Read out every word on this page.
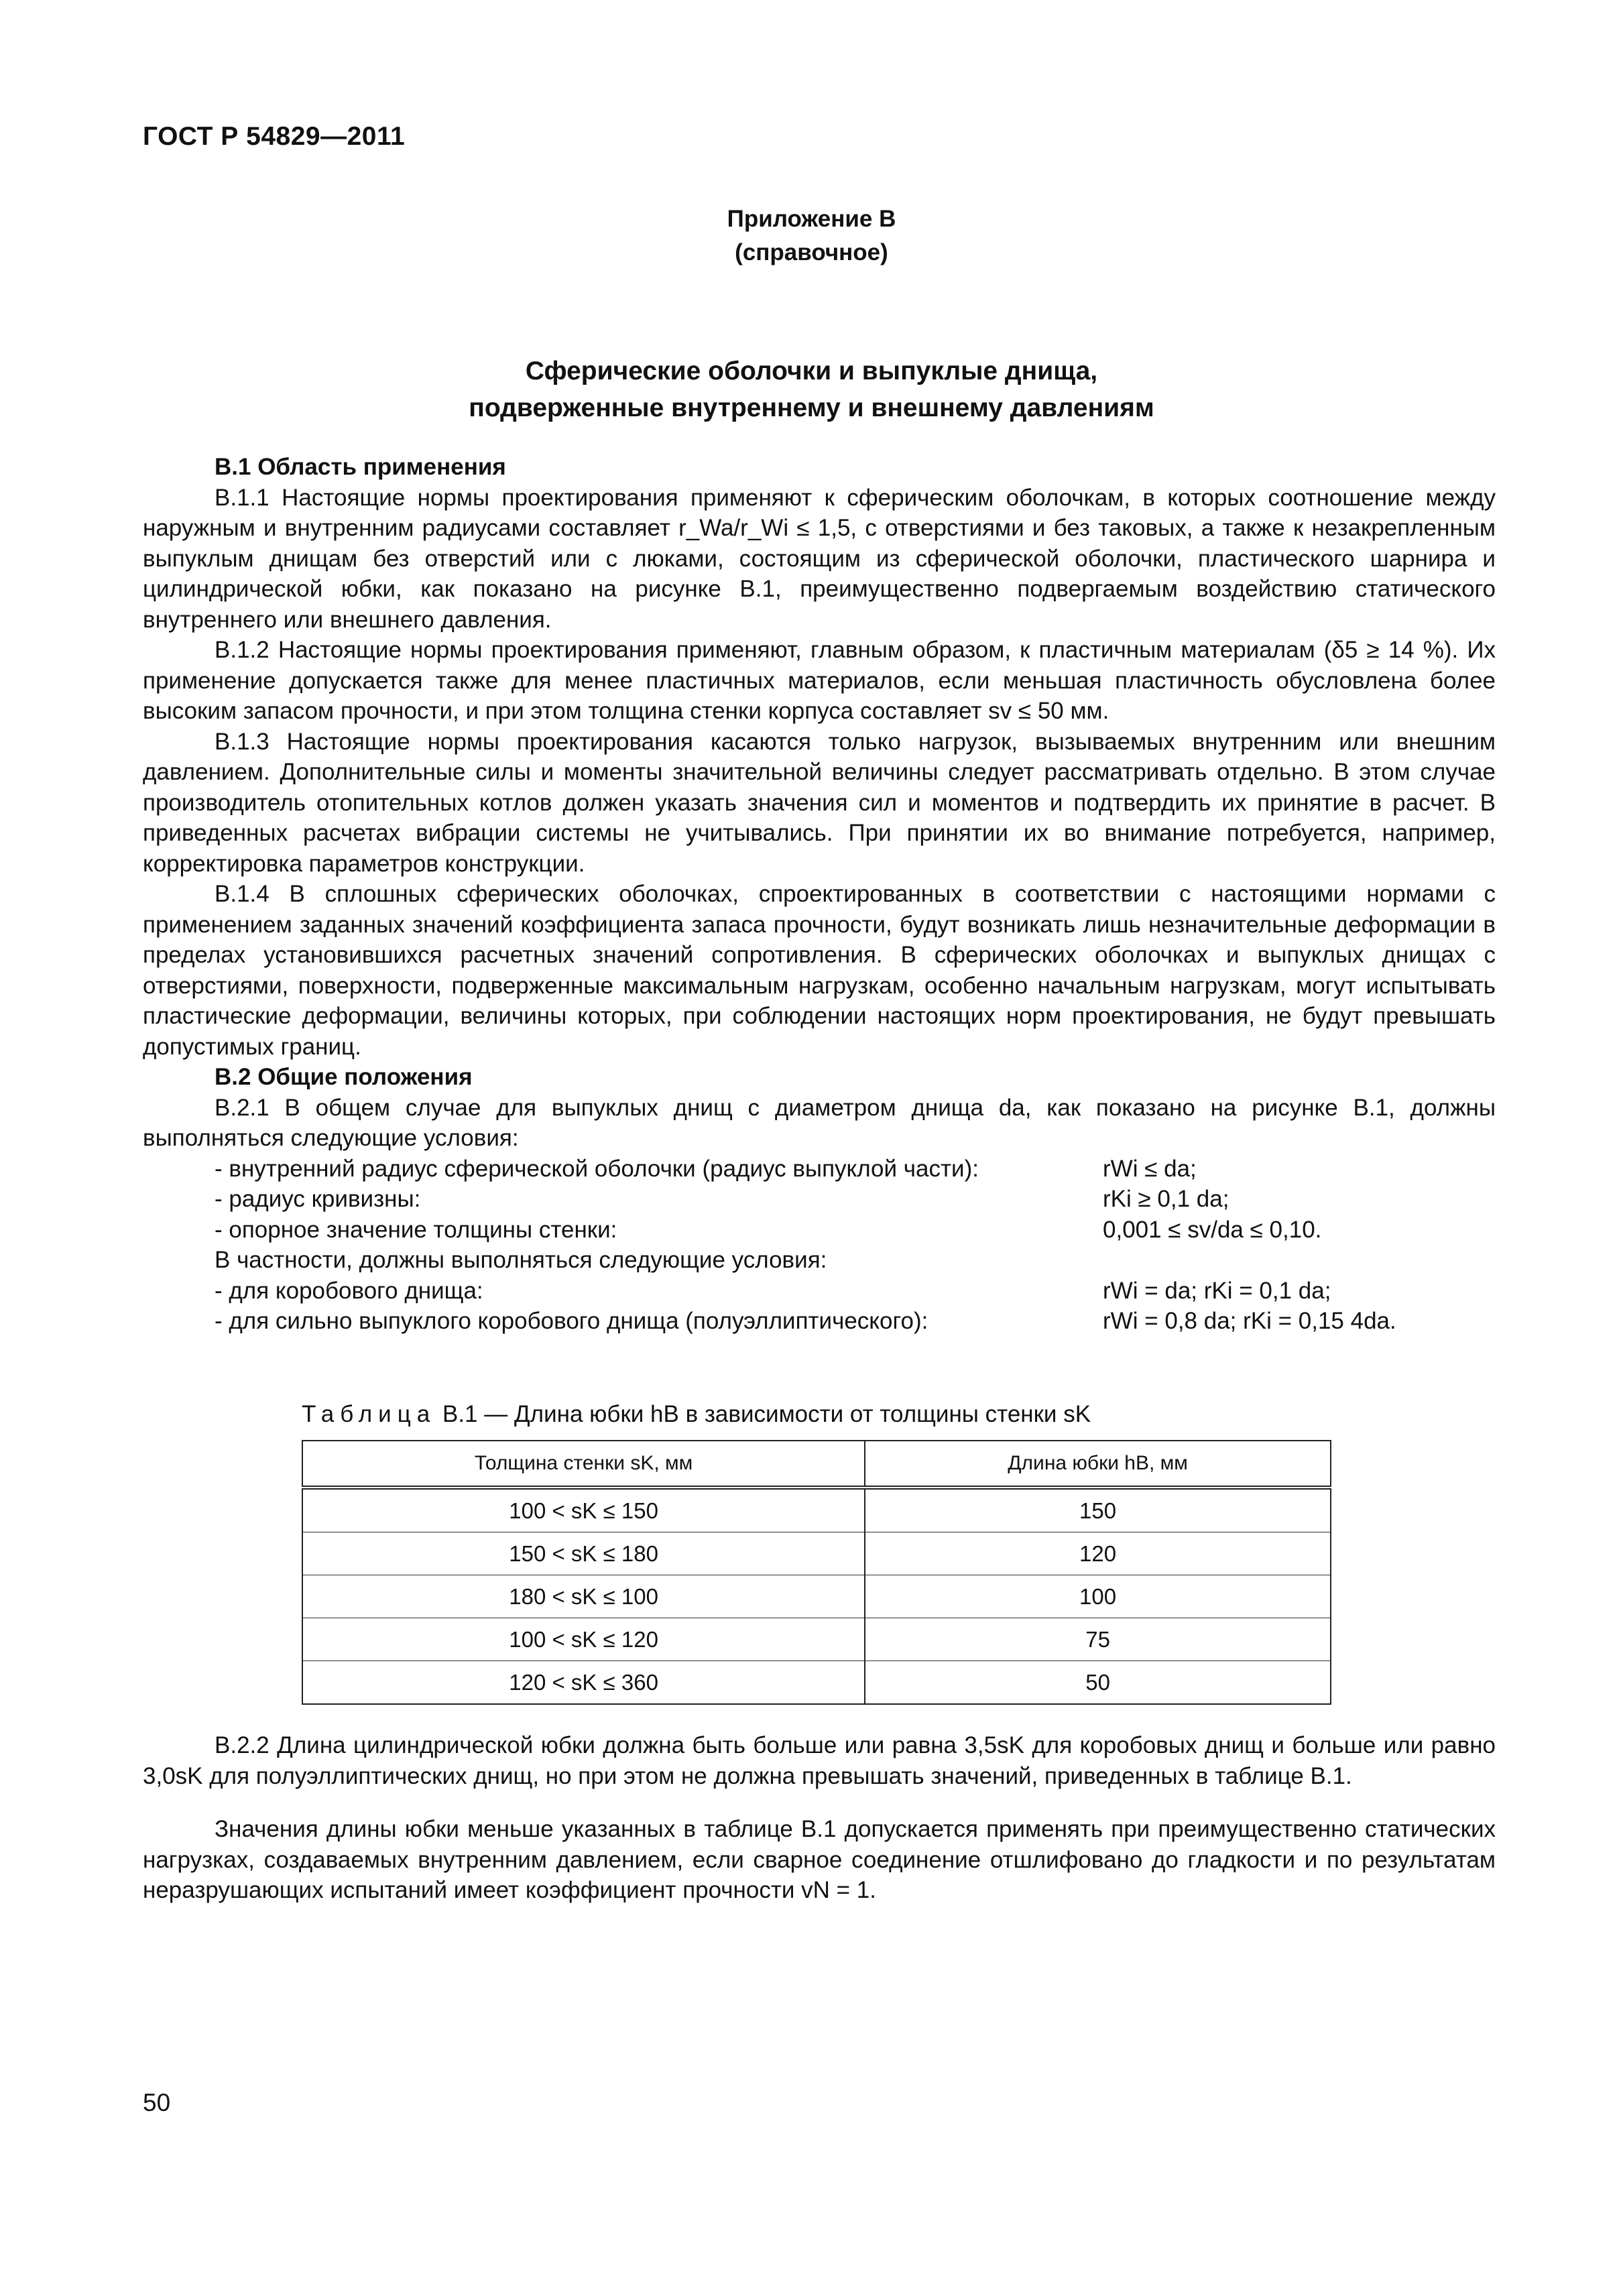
ГОСТ Р 54829—2011
Приложение В
(справочное)
Сферические оболочки и выпуклые днища,
подверженные внутреннему и внешнему давлениям
В.1 Область применения

В.1.1 Настоящие нормы проектирования применяют к сферическим оболочкам, в которых соотношение между наружным и внутренним радиусами составляет r_Wa/r_Wi ≤ 1,5, с отверстиями и без таковых, а также к незакрепленным выпуклым днищам без отверстий или с люками, состоящим из сферической оболочки, пластического шарнира и цилиндрической юбки, как показано на рисунке В.1, преимущественно подвергаемым воздействию статического внутреннего или внешнего давления.

В.1.2 Настоящие нормы проектирования применяют, главным образом, к пластичным материалам (δ5 ≥ 14 %). Их применение допускается также для менее пластичных материалов, если меньшая пластичность обусловлена более высоким запасом прочности, и при этом толщина стенки корпуса составляет sv ≤ 50 мм.

В.1.3 Настоящие нормы проектирования касаются только нагрузок, вызываемых внутренним или внешним давлением. Дополнительные силы и моменты значительной величины следует рассматривать отдельно. В этом случае производитель отопительных котлов должен указать значения сил и моментов и подтвердить их принятие в расчет. В приведенных расчетах вибрации системы не учитывались. При принятии их во внимание потребуется, например, корректировка параметров конструкции.

В.1.4 В сплошных сферических оболочках, спроектированных в соответствии с настоящими нормами с применением заданных значений коэффициента запаса прочности, будут возникать лишь незначительные деформации в пределах установившихся расчетных значений сопротивления. В сферических оболочках и выпуклых днищах с отверстиями, поверхности, подверженные максимальным нагрузкам, особенно начальным нагрузкам, могут испытывать пластические деформации, величины которых, при соблюдении настоящих норм проектирования, не будут превышать допустимых границ.

В.2 Общие положения

В.2.1 В общем случае для выпуклых днищ с диаметром днища da, как показано на рисунке В.1, должны выполняться следующие условия:

- внутренний радиус сферической оболочки (радиус выпуклой части):	rWi ≤ da;
- радиус кривизны:	rKi ≥ 0,1 da;
- опорное значение толщины стенки:	0,001 ≤ sv/da ≤ 0,10.
В частности, должны выполняться следующие условия:
- для коробового днища:	rWi = da; rKi = 0,1 da;
- для сильно выпуклого коробового днища (полуэллиптического):	rWi = 0,8 da; rKi = 0,15 4da.
Таблица В.1 — Длина юбки hB в зависимости от толщины стенки sK
Толщина стенки sK, мм	Длина юбки hB, мм
100 < sK ≤ 150	150
150 < sK ≤ 180	120
180 < sK ≤ 100	100
100 < sK ≤ 120	75
120 < sK ≤ 360	50

В.2.2 Длина цилиндрической юбки должна быть больше или равна 3,5sK для коробовых днищ и больше или равно 3,0sK для полуэллиптических днищ, но при этом не должна превышать значений, приведенных в таблице В.1.

Значения длины юбки меньше указанных в таблице В.1 допускается применять при преимущественно статических нагрузках, создаваемых внутренним давлением, если сварное соединение отшлифовано до гладкости и по результатам неразрушающих испытаний имеет коэффициент прочности vN = 1.

50
